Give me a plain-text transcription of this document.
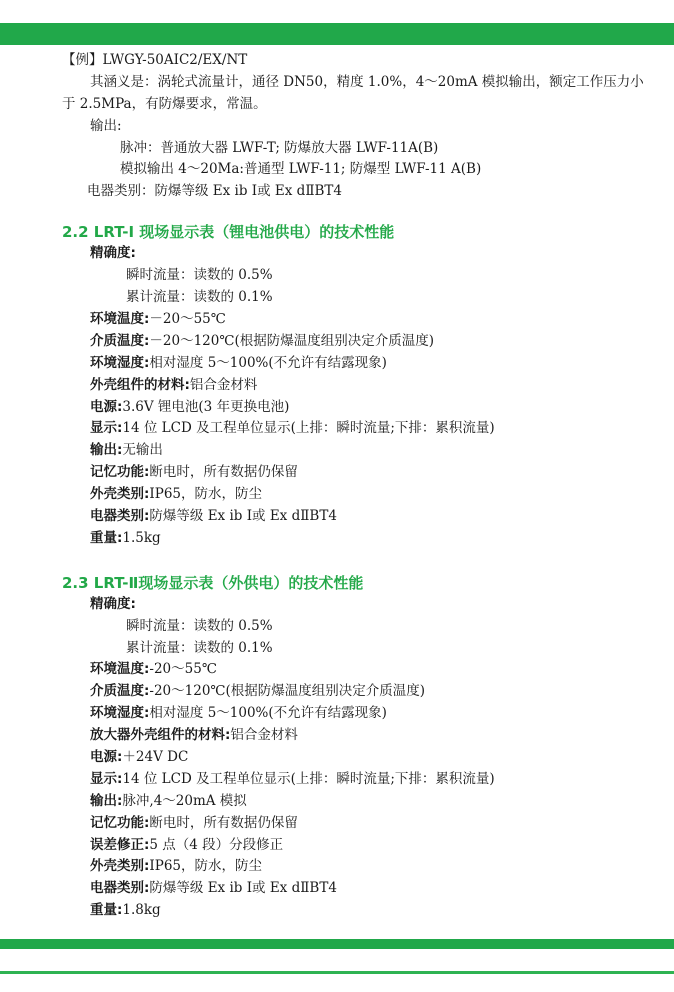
【例】LWGY-50AIC2/EX/NT
其涵义是：涡轮式流量计，通径 DN50，精度 1.0%，4～20mA 模拟输出，额定工作压力小于 2.5MPa，有防爆要求，常温。
输出:
脉冲：普通放大器 LWF-T; 防爆放大器 LWF-11A(B)
模拟输出 4～20Ma:普通型 LWF-11; 防爆型 LWF-11 A(B)
电器类别：防爆等级 Ex ib Ⅰ或 Ex dⅡBT4
2.2 LRT-I 现场显示表（锂电池供电）的技术性能
精确度:
瞬时流量：读数的 0.5%
累计流量：读数的 0.1%
环境温度:－20～55℃
介质温度:－20～120℃(根据防爆温度组别决定介质温度)
环境湿度:相对湿度 5～100%(不允许有结露现象)
外壳组件的材料:铝合金材料
电源:3.6V 锂电池(3 年更换电池)
显示:14 位 LCD 及工程单位显示(上排：瞬时流量;下排：累积流量)
输出:无输出
记忆功能:断电时，所有数据仍保留
外壳类别:IP65，防水，防尘
电器类别:防爆等级 Ex ib Ⅰ或 Ex dⅡBT4
重量:1.5kg
2.3 LRT-Ⅱ现场显示表（外供电）的技术性能
精确度:
瞬时流量：读数的 0.5%
累计流量：读数的 0.1%
环境温度:-20～55℃
介质温度:-20～120℃(根据防爆温度组别决定介质温度)
环境湿度:相对湿度 5～100%(不允许有结露现象)
放大器外壳组件的材料:铝合金材料
电源:＋24V DC
显示:14 位 LCD 及工程单位显示(上排：瞬时流量;下排：累积流量)
输出:脉冲,4～20mA 模拟
记忆功能:断电时，所有数据仍保留
误差修正:5 点（4 段）分段修正
外壳类别:IP65，防水，防尘
电器类别:防爆等级 Ex ib Ⅰ或 Ex dⅡBT4
重量:1.8kg
